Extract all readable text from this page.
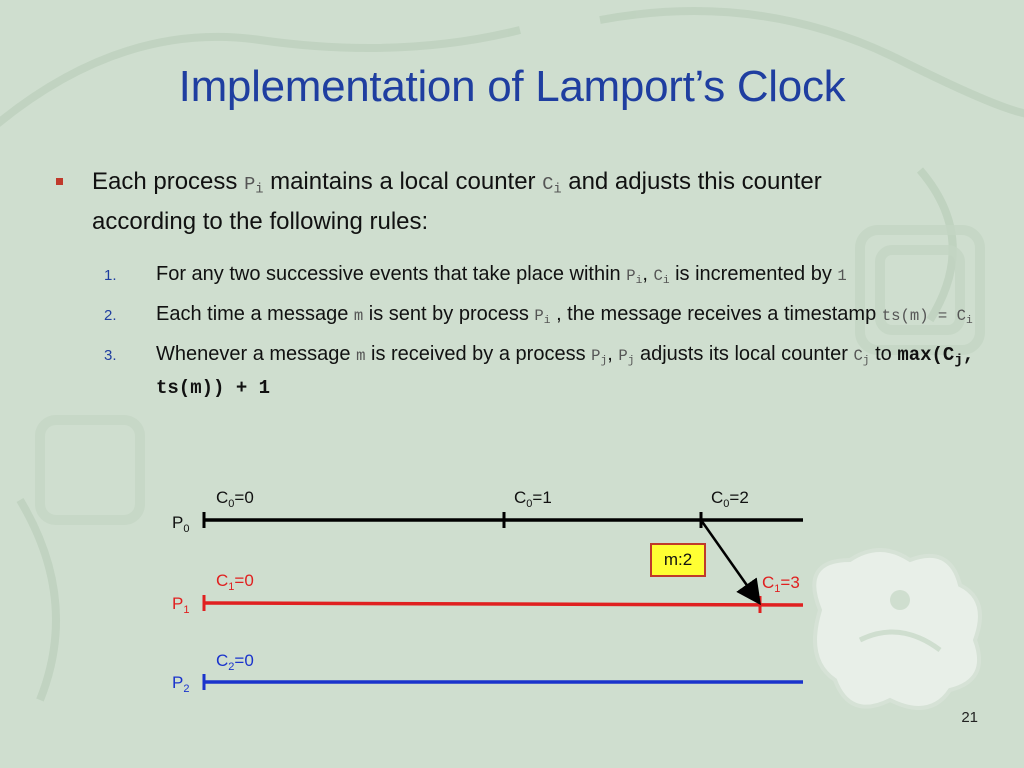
Implementation of Lamport’s Clock
Each process Pi maintains a local counter Ci and adjusts this counter according to the following rules:
1. For any two successive events that take place within Pi, Ci is incremented by 1
2. Each time a message m is sent by process Pi , the message receives a timestamp ts(m) = Ci
3. Whenever a message m is received by a process Pj, Pj adjusts its local counter Cj to max(Cj, ts(m)) + 1
$P_0$
$P_1$
$P_2$
$C_0=0$	$C_0=1$	$C_0=2$
$C_1=0$	$C_1=3$
$C_2=0$
m:2
21
